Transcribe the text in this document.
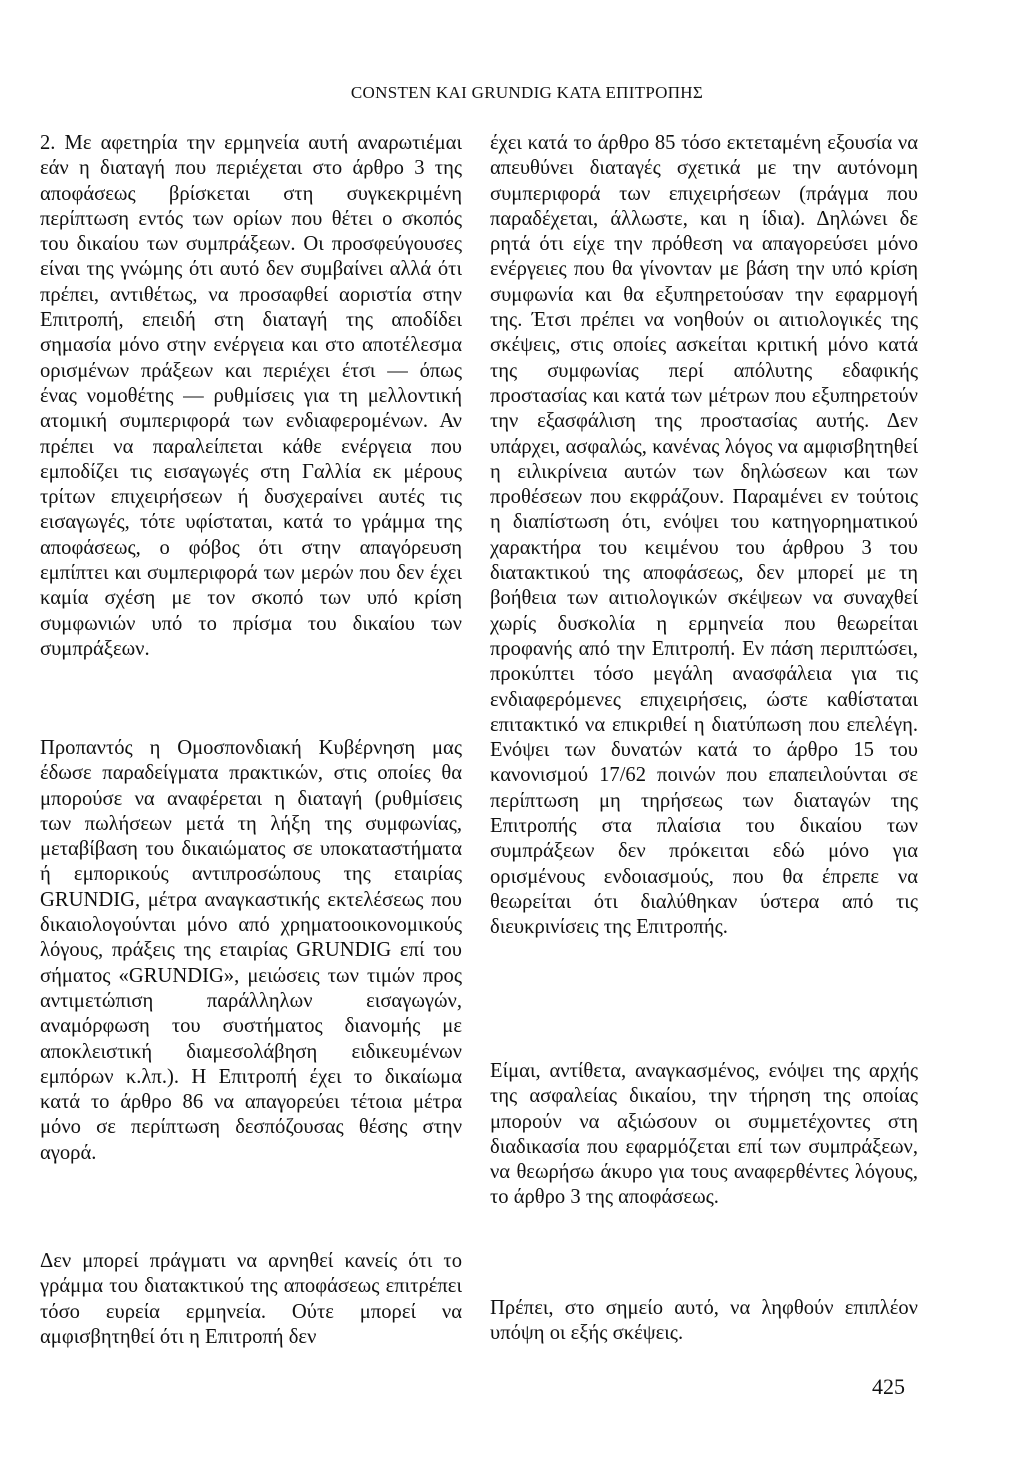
CONSTEN ΚΑΙ GRUNDIG ΚΑΤΑ ΕΠΙΤΡΟΠΗΣ

2. Με αφετηρία την ερμηνεία αυτή αναρωτιέμαι εάν η διαταγή που περιέχεται στο άρθρο 3 της αποφάσεως βρίσκεται στη συγκεκριμένη περίπτωση εντός των ορίων που θέτει ο σκοπός του δικαίου των συμπράξεων. Οι προσφεύγουσες είναι της γνώμης ότι αυτό δεν συμβαίνει αλλά ότι πρέπει, αντιθέτως, να προσαφθεί αοριστία στην Επιτροπή, επειδή στη διαταγή της αποδίδει σημασία μόνο στην ενέργεια και στο αποτέλεσμα ορισμένων πράξεων και περιέχει έτσι — όπως ένας νομοθέτης — ρυθμίσεις για τη μελλοντική ατομική συμπεριφορά των ενδιαφερομένων. Αν πρέπει να παραλείπεται κάθε ενέργεια που εμποδίζει τις εισαγωγές στη Γαλλία εκ μέρους τρίτων επιχειρήσεων ή δυσχεραίνει αυτές τις εισαγωγές, τότε υφίσταται, κατά το γράμμα της αποφάσεως, ο φόβος ότι στην απαγόρευση εμπίπτει και συμπεριφορά των μερών που δεν έχει καμία σχέση με τον σκοπό των υπό κρίση συμφωνιών υπό το πρίσμα του δικαίου των συμπράξεων.

Προπαντός η Ομοσπονδιακή Κυβέρνηση μας έδωσε παραδείγματα πρακτικών, στις οποίες θα μπορούσε να αναφέρεται η διαταγή (ρυθμίσεις των πωλήσεων μετά τη λήξη της συμφωνίας, μεταβίβαση του δικαιώματος σε υποκαταστήματα ή εμπορικούς αντιπροσώπους της εταιρίας GRUNDIG, μέτρα αναγκαστικής εκτελέσεως που δικαιολογούνται μόνο από χρηματοοικονομικούς λόγους, πράξεις της εταιρίας GRUNDIG επί του σήματος «GRUNDIG», μειώσεις των τιμών προς αντιμετώπιση παράλληλων εισαγωγών, αναμόρφωση του συστήματος διανομής με αποκλειστική διαμεσολάβηση ειδικευμένων εμπόρων κ.λπ.). Η Επιτροπή έχει το δικαίωμα κατά το άρθρο 86 να απαγορεύει τέτοια μέτρα μόνο σε περίπτωση δεσπόζουσας θέσης στην αγορά.

Δεν μπορεί πράγματι να αρνηθεί κανείς ότι το γράμμα του διατακτικού της αποφάσεως επιτρέπει τόσο ευρεία ερμηνεία. Ούτε μπορεί να αμφισβητηθεί ότι η Επιτροπή δεν

έχει κατά το άρθρο 85 τόσο εκτεταμένη εξουσία να απευθύνει διαταγές σχετικά με την αυτόνομη συμπεριφορά των επιχειρήσεων (πράγμα που παραδέχεται, άλλωστε, και η ίδια). Δηλώνει δε ρητά ότι είχε την πρόθεση να απαγορεύσει μόνο ενέργειες που θα γίνονταν με βάση την υπό κρίση συμφωνία και θα εξυπηρετούσαν την εφαρμογή της. Έτσι πρέπει να νοηθούν οι αιτιολογικές της σκέψεις, στις οποίες ασκείται κριτική μόνο κατά της συμφωνίας περί απόλυτης εδαφικής προστασίας και κατά των μέτρων που εξυπηρετούν την εξασφάλιση της προστασίας αυτής. Δεν υπάρχει, ασφαλώς, κανένας λόγος να αμφισβητηθεί η ειλικρίνεια αυτών των δηλώσεων και των προθέσεων που εκφράζουν. Παραμένει εν τούτοις η διαπίστωση ότι, ενόψει του κατηγορηματικού χαρακτήρα του κειμένου του άρθρου 3 του διατακτικού της αποφάσεως, δεν μπορεί με τη βοήθεια των αιτιολογικών σκέψεων να συναχθεί χωρίς δυσκολία η ερμηνεία που θεωρείται προφανής από την Επιτροπή. Εν πάση περιπτώσει, προκύπτει τόσο μεγάλη ανασφάλεια για τις ενδιαφερόμενες επιχειρήσεις, ώστε καθίσταται επιτακτικό να επικριθεί η διατύπωση που επελέγη. Ενόψει των δυνατών κατά το άρθρο 15 του κανονισμού 17/62 ποινών που επαπειλούνται σε περίπτωση μη τηρήσεως των διαταγών της Επιτροπής στα πλαίσια του δικαίου των συμπράξεων δεν πρόκειται εδώ μόνο για ορισμένους ενδοιασμούς, που θα έπρεπε να θεωρείται ότι διαλύθηκαν ύστερα από τις διευκρινίσεις της Επιτροπής.

Είμαι, αντίθετα, αναγκασμένος, ενόψει της αρχής της ασφαλείας δικαίου, την τήρηση της οποίας μπορούν να αξιώσουν οι συμμετέχοντες στη διαδικασία που εφαρμόζεται επί των συμπράξεων, να θεωρήσω άκυρο για τους αναφερθέντες λόγους, το άρθρο 3 της αποφάσεως.

Πρέπει, στο σημείο αυτό, να ληφθούν επιπλέον υπόψη οι εξής σκέψεις.

425
